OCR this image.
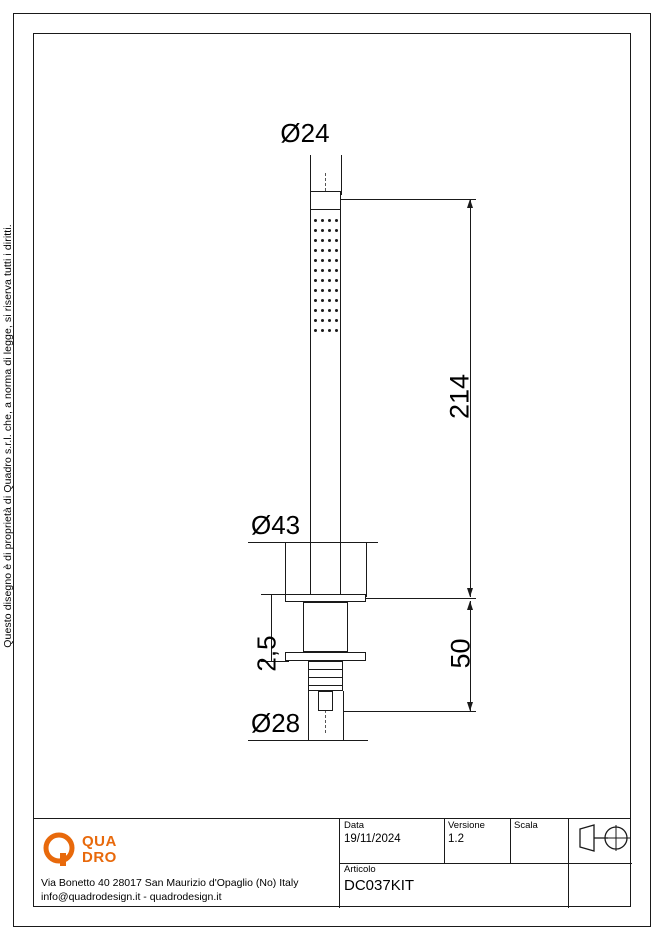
Questo disegno è di proprietà di Quadro s.r.l. che, a norma di legge, si riserva tutti i diritti.
Ø24
214
50
Ø43
2,5
Ø28
QUA
DRO
Via Bonetto 40 28017 San Maurizio d'Opaglio (No) Italy
info@quadrodesign.it - quadrodesign.it
Data
19/11/2024
Versione
1.2
Scala
Articolo
DC037KIT
